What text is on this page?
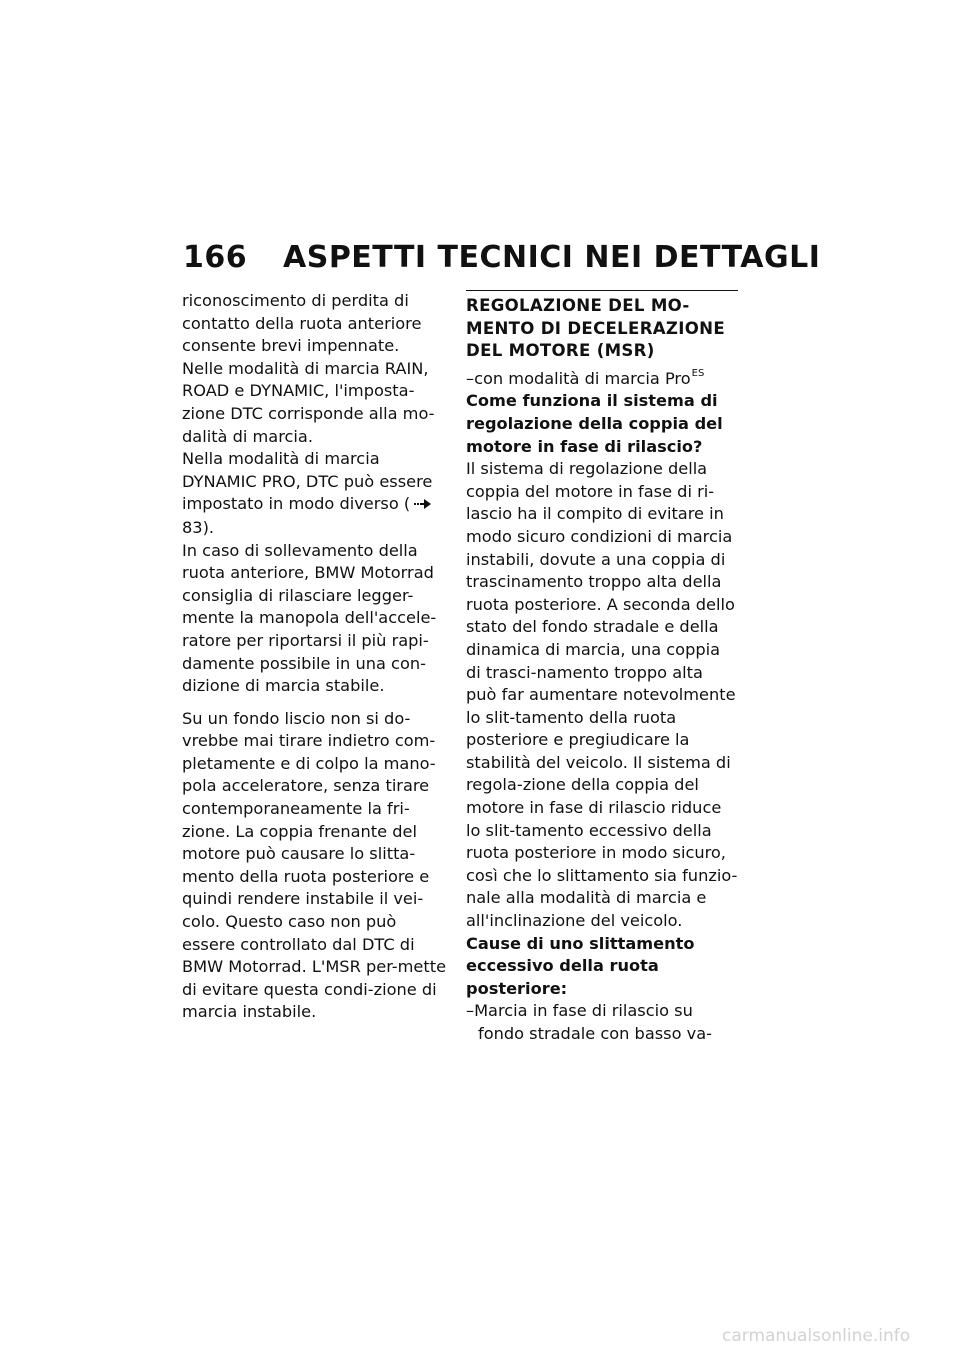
166 ASPETTI TECNICI NEI DETTAGLI

riconoscimento di perdita di contatto della ruota anteriore consente brevi impennate.

Nelle modalità di marcia RAIN, ROAD e DYNAMIC, l'imposta-zione DTC corrisponde alla mo-dalità di marcia.

Nella modalità di marcia DYNAMIC PRO, DTC può essere impostato in modo diverso (83).

In caso di sollevamento della ruota anteriore, BMW Motorrad consiglia di rilasciare legger-mente la manopola dell'accele-ratore per riportarsi il più rapi-damente possibile in una con-dizione di marcia stabile.

Su un fondo liscio non si do-vrebbe mai tirare indietro com-pletamente e di colpo la mano-pola acceleratore, senza tirare contemporaneamente la fri-zione. La coppia frenante del motore può causare lo slitta-mento della ruota posteriore e quindi rendere instabile il vei-colo. Questo caso non può essere controllato dal DTC di BMW Motorrad. L'MSR per-mette di evitare questa condi-zione di marcia instabile.

REGOLAZIONE DEL MO-MENTO DI DECELERAZIONE DEL MOTORE (MSR)

–con modalità di marcia Pro$^{ES}$

Come funziona il sistema di regolazione della coppia del motore in fase di rilascio?

Il sistema di regolazione della coppia del motore in fase di ri-lascio ha il compito di evitare in modo sicuro condizioni di marcia instabili, dovute a una coppia di trascinamento troppo alta della ruota posteriore. A seconda dello stato del fondo stradale e della dinamica di marcia, una coppia di trasci-namento troppo alta può far aumentare notevolmente lo slit-tamento della ruota posteriore e pregiudicare la stabilità del veicolo. Il sistema di regola-zione della coppia del motore in fase di rilascio riduce lo slit-tamento eccessivo della ruota posteriore in modo sicuro, così che lo slittamento sia funzio-nale alla modalità di marcia e all'inclinazione del veicolo.

Cause di uno slittamento eccessivo della ruota posteriore:

–Marcia in fase di rilascio su fondo stradale con basso va-

carmanualsonline.info
